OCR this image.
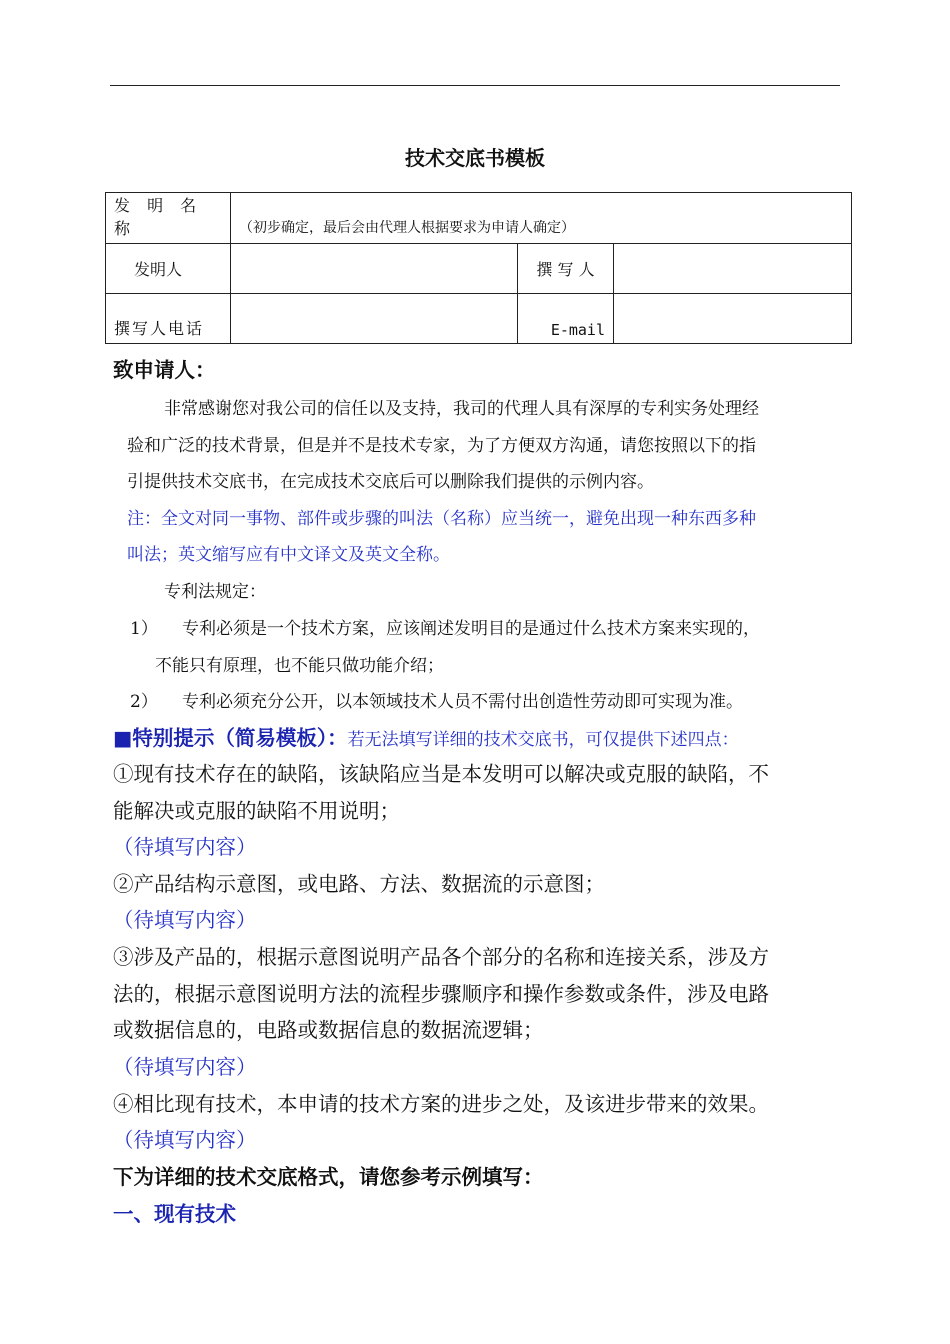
技术交底书模板
发 明 名 称	（初步确定，最后会由代理人根据要求为申请人确定）		
发明人		撰 写 人	
撰写人电话		E-mail	
致申请人：
非常感谢您对我公司的信任以及支持，我司的代理人具有深厚的专利实务处理经
验和广泛的技术背景，但是并不是技术专家，为了方便双方沟通，请您按照以下的指
引提供技术交底书，在完成技术交底后可以删除我们提供的示例内容。
注：全文对同一事物、部件或步骤的叫法（名称）应当统一，避免出现一种东西多种
叫法；英文缩写应有中文译文及英文全称。
专利法规定：
1） 专利必须是一个技术方案，应该阐述发明目的是通过什么技术方案来实现的，
不能只有原理，也不能只做功能介绍；
2） 专利必须充分公开，以本领域技术人员不需付出创造性劳动即可实现为准。
■特别提示（简易模板）：若无法填写详细的技术交底书，可仅提供下述四点：
①现有技术存在的缺陷，该缺陷应当是本发明可以解决或克服的缺陷，不
能解决或克服的缺陷不用说明；
（待填写内容）
②产品结构示意图，或电路、方法、数据流的示意图；
（待填写内容）
③涉及产品的，根据示意图说明产品各个部分的名称和连接关系，涉及方
法的，根据示意图说明方法的流程步骤顺序和操作参数或条件，涉及电路
或数据信息的，电路或数据信息的数据流逻辑；
（待填写内容）
④相比现有技术，本申请的技术方案的进步之处，及该进步带来的效果。
（待填写内容）
下为详细的技术交底格式，请您参考示例填写：
一、现有技术
